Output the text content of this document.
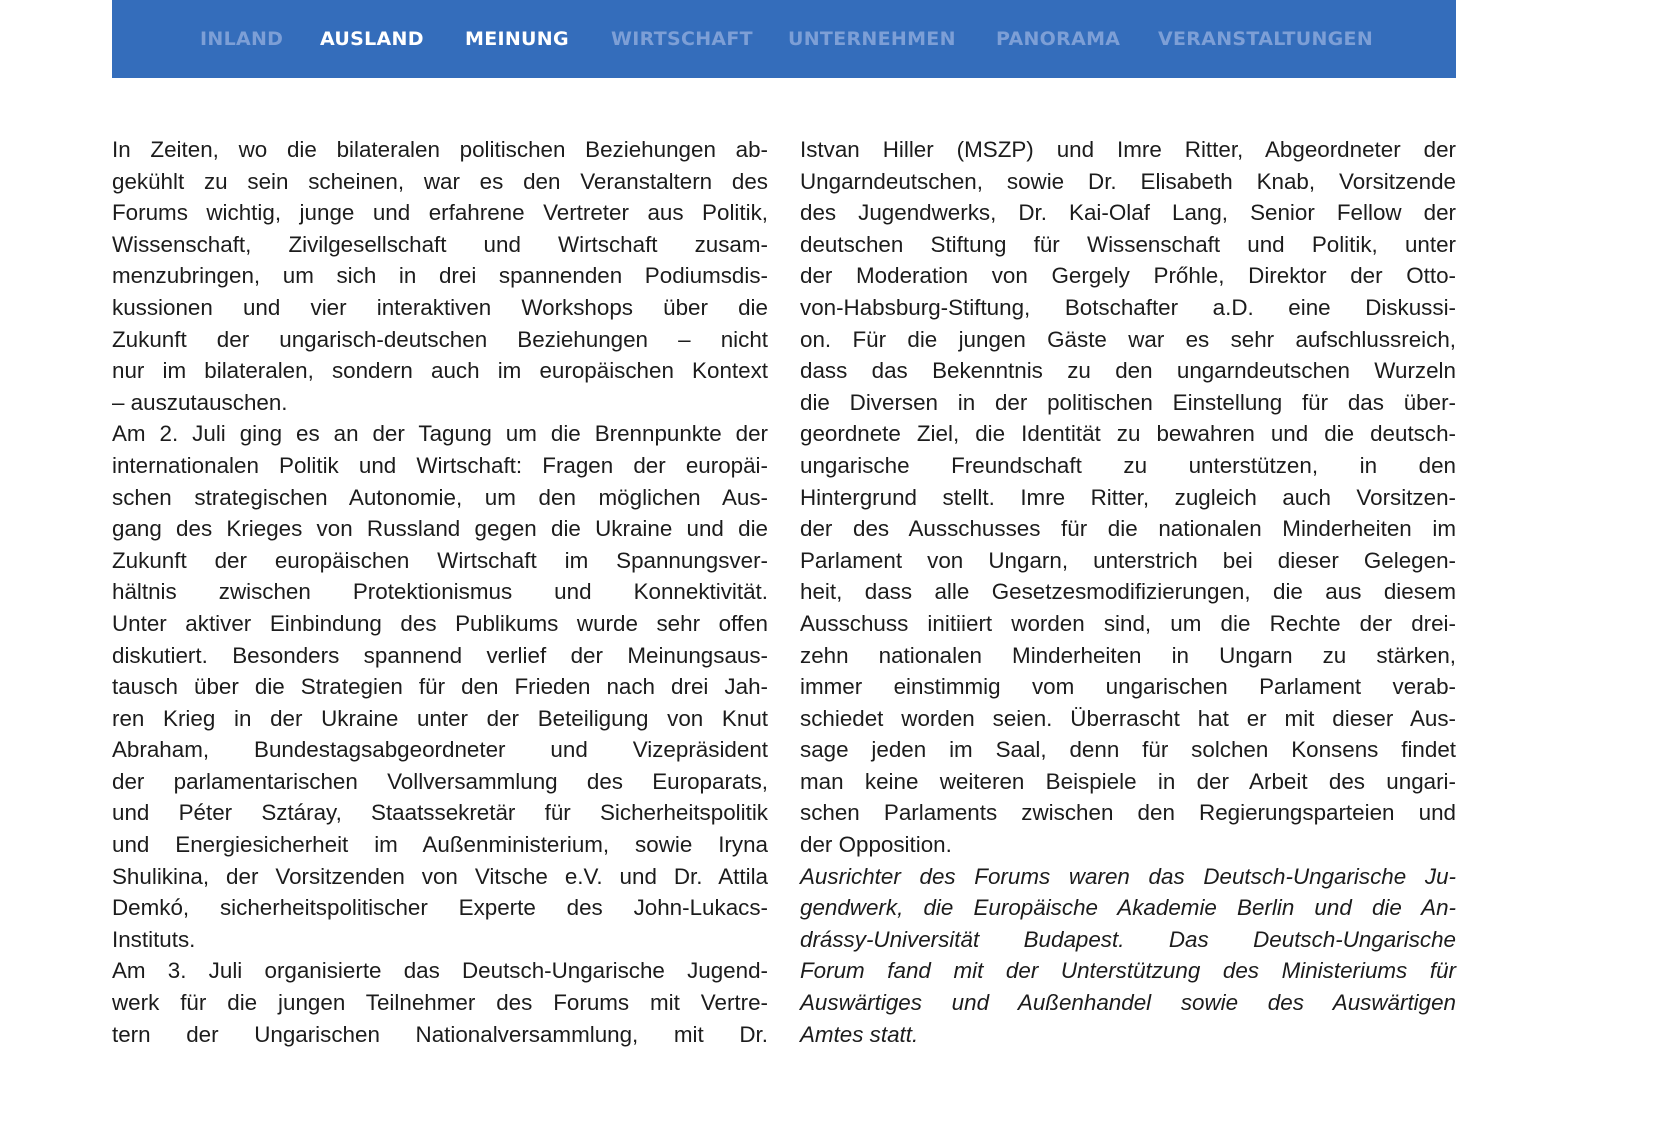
INLAND AUSLAND MEINUNG WIRTSCHAFT UNTERNEHMEN PANORAMA VERANSTALTUNGEN
In Zeiten, wo die bilateralen politischen Beziehungen ab-
gekühlt zu sein scheinen, war es den Veranstaltern des
Forums wichtig, junge und erfahrene Vertreter aus Politik,
Wissenschaft, Zivilgesellschaft und Wirtschaft zusam-
menzubringen, um sich in drei spannenden Podiumsdis-
kussionen und vier interaktiven Workshops über die
Zukunft der ungarisch-deutschen Beziehungen – nicht
nur im bilateralen, sondern auch im europäischen Kontext
– auszutauschen.
Am 2. Juli ging es an der Tagung um die Brennpunkte der
internationalen Politik und Wirtschaft: Fragen der europäi-
schen strategischen Autonomie, um den möglichen Aus-
gang des Krieges von Russland gegen die Ukraine und die
Zukunft der europäischen Wirtschaft im Spannungsver-
hältnis zwischen Protektionismus und Konnektivität.
Unter aktiver Einbindung des Publikums wurde sehr offen
diskutiert. Besonders spannend verlief der Meinungsaus-
tausch über die Strategien für den Frieden nach drei Jah-
ren Krieg in der Ukraine unter der Beteiligung von Knut
Abraham, Bundestagsabgeordneter und Vizepräsident
der parlamentarischen Vollversammlung des Europarats,
und Péter Sztáray, Staatssekretär für Sicherheitspolitik
und Energiesicherheit im Außenministerium, sowie Iryna
Shulikina, der Vorsitzenden von Vitsche e.V. und Dr. Attila
Demkó, sicherheitspolitischer Experte des John-Lukacs-
Instituts.
Am 3. Juli organisierte das Deutsch-Ungarische Jugend-
werk für die jungen Teilnehmer des Forums mit Vertre-
tern der Ungarischen Nationalversammlung, mit Dr.
Istvan Hiller (MSZP) und Imre Ritter, Abgeordneter der
Ungarndeutschen, sowie Dr. Elisabeth Knab, Vorsitzende
des Jugendwerks, Dr. Kai-Olaf Lang, Senior Fellow der
deutschen Stiftung für Wissenschaft und Politik, unter
der Moderation von Gergely Prőhle, Direktor der Otto-
von-Habsburg-Stiftung, Botschafter a.D. eine Diskussi-
on. Für die jungen Gäste war es sehr aufschlussreich,
dass das Bekenntnis zu den ungarndeutschen Wurzeln
die Diversen in der politischen Einstellung für das über-
geordnete Ziel, die Identität zu bewahren und die deutsch-
ungarische Freundschaft zu unterstützen, in den
Hintergrund stellt. Imre Ritter, zugleich auch Vorsitzen-
der des Ausschusses für die nationalen Minderheiten im
Parlament von Ungarn, unterstrich bei dieser Gelegen-
heit, dass alle Gesetzesmodifizierungen, die aus diesem
Ausschuss initiiert worden sind, um die Rechte der drei-
zehn nationalen Minderheiten in Ungarn zu stärken,
immer einstimmig vom ungarischen Parlament verab-
schiedet worden seien. Überrascht hat er mit dieser Aus-
sage jeden im Saal, denn für solchen Konsens findet
man keine weiteren Beispiele in der Arbeit des ungari-
schen Parlaments zwischen den Regierungsparteien und
der Opposition.
Ausrichter des Forums waren das Deutsch-Ungarische Ju-
gendwerk, die Europäische Akademie Berlin und die An-
drássy-Universität Budapest. Das Deutsch-Ungarische
Forum fand mit der Unterstützung des Ministeriums für
Auswärtiges und Außenhandel sowie des Auswärtigen
Amtes statt.
